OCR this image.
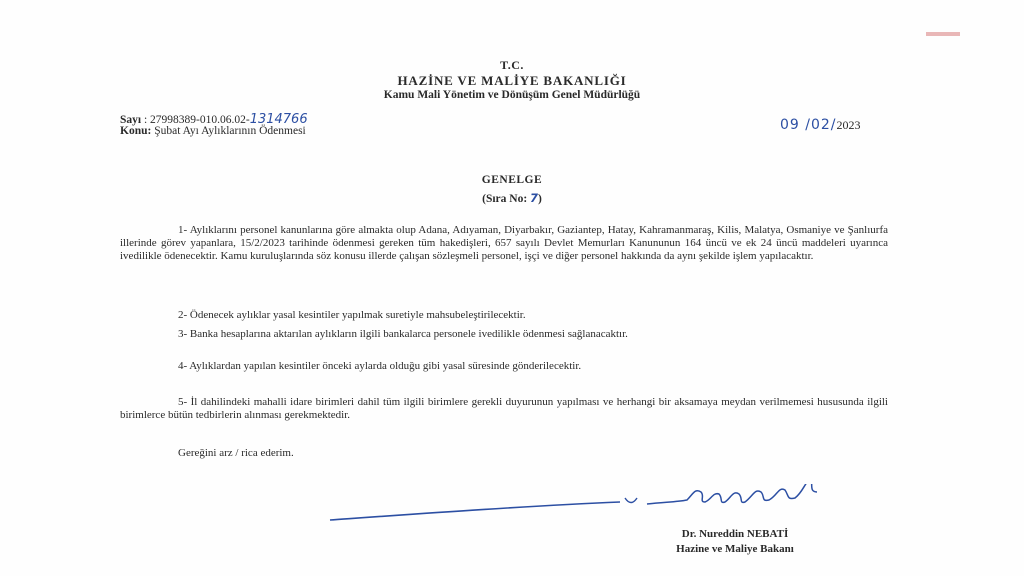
T.C.
HAZİNE VE MALİYE BAKANLIĞI
Kamu Mali Yönetim ve Dönüşüm Genel Müdürlüğü
Sayı : 27998389-010.06.02-1314766
Konu: Şubat Ayı Aylıklarının Ödenmesi	09 /02/2023
GENELGE
(Sıra No: 7)
1- Aylıklarını personel kanunlarına göre almakta olup Adana, Adıyaman, Diyarbakır, Gaziantep, Hatay, Kahramanmaraş, Kilis, Malatya, Osmaniye ve Şanlıurfa illerinde görev yapanlara, 15/2/2023 tarihinde ödenmesi gereken tüm hakedişleri, 657 sayılı Devlet Memurları Kanununun 164 üncü ve ek 24 üncü maddeleri uyarınca ivedilikle ödenecektir. Kamu kuruluşlarında söz konusu illerde çalışan sözleşmeli personel, işçi ve diğer personel hakkında da aynı şekilde işlem yapılacaktır.
2- Ödenecek aylıklar yasal kesintiler yapılmak suretiyle mahsubeleştirilecektir.
3- Banka hesaplarına aktarılan aylıkların ilgili bankalarca personele ivedilikle ödenmesi sağlanacaktır.
4- Aylıklardan yapılan kesintiler önceki aylarda olduğu gibi yasal süresinde gönderilecektir.
5- İl dahilindeki mahalli idare birimleri dahil tüm ilgili birimlere gerekli duyurunun yapılması ve herhangi bir aksamaya meydan verilmemesi hususunda ilgili birimlerce bütün tedbirlerin alınması gerekmektedir.
Gereğini arz / rica ederim.
Dr. Nureddin NEBATİ
Hazine ve Maliye Bakanı
